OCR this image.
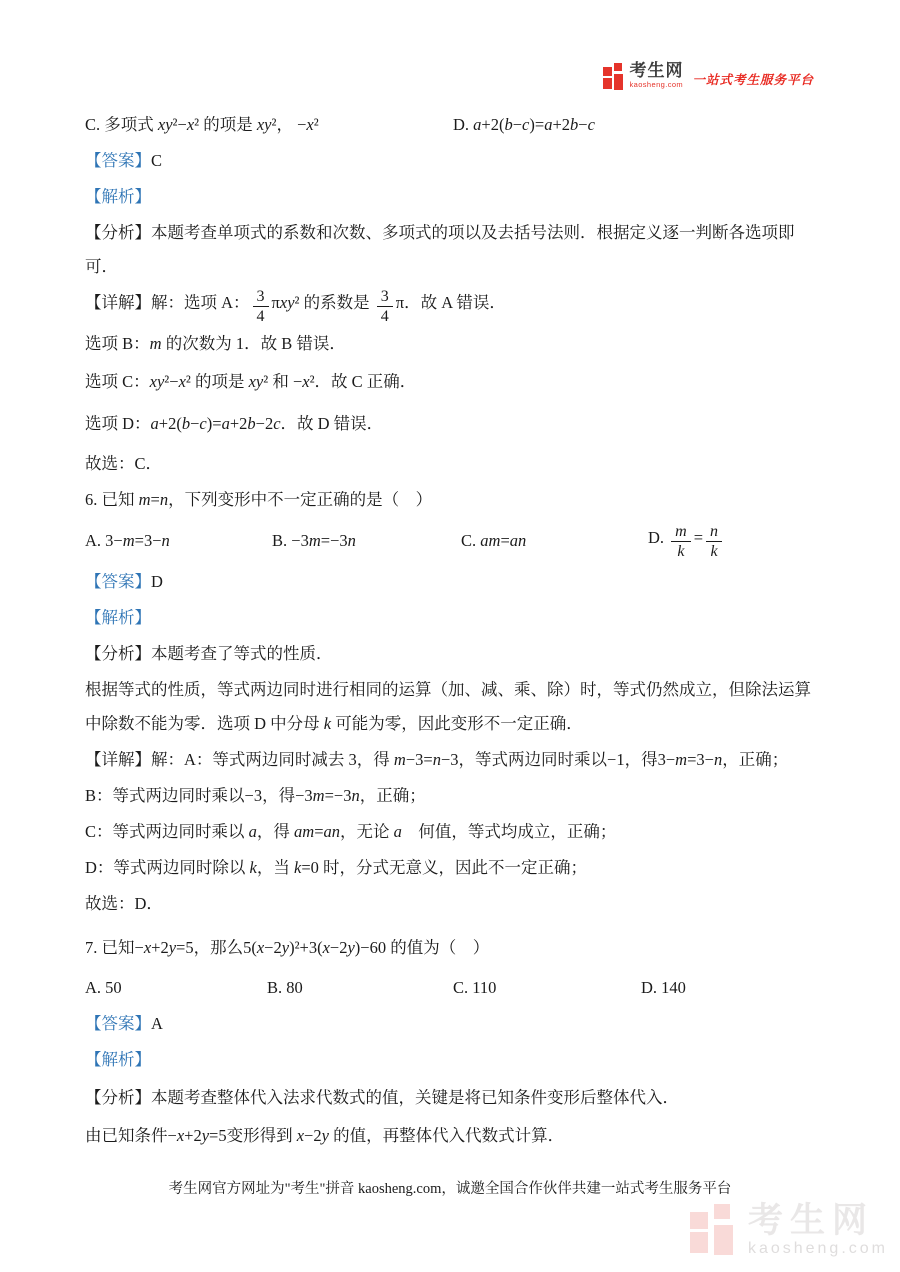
考生网
kaosheng.com 一站式考生服务平台
C. 多项式 xy²−x² 的项是 xy²， −x²	D. a+2(b−c)=a+2b−c
【答案】C
【解析】
【分析】本题考查单项式的系数和次数、多项式的项以及去括号法则．根据定义逐一判断各选项即可．
【详解】解：选项 A： $\frac{3}{4} \pi xy^2$ 的系数是 $\frac{3}{4}$ π．故 A 错误．
选项 B：m 的次数为 1．故 B 错误．
选项 C：xy²−x² 的项是 xy² 和 −x²．故 C 正确．
选项 D：a+2(b−c)=a+2b−2c．故 D 错误．
故选：C．
6. 已知 m=n，下列变形中不一定正确的是（　）
A. 3−m=3−n	B. −3m=−3n	C. am=an	D. $\frac{m}{k} = \frac{n}{k}$
【答案】D
【解析】
【分析】本题考查了等式的性质．
根据等式的性质，等式两边同时进行相同的运算（加、减、乘、除）时，等式仍然成立，但除法运算中除数不能为零．选项 D 中分母 k 可能为零，因此变形不一定正确．
【详解】解：A：等式两边同时减去 3，得 m−3=n−3，等式两边同时乘以−1，得3−m=3−n，正确；
B：等式两边同时乘以−3，得−3m=−3n，正确；
C：等式两边同时乘以 a，得 am=an，无论 a　何值，等式均成立，正确；
D：等式两边同时除以 k，当 k=0 时，分式无意义，因此不一定正确；
故选：D．
7. 已知−x+2y=5，那么5(x−2y)²+3(x−2y)−60 的值为（　）
A. 50	B. 80	C. 110	D. 140
【答案】A
【解析】
【分析】本题考查整体代入法求代数式的值，关键是将已知条件变形后整体代入．
由已知条件−x+2y=5变形得到 x−2y 的值，再整体代入代数式计算．
考生网官方网址为"考生"拼音 kaosheng.com，诚邀全国合作伙伴共建一站式考生服务平台
考生网
kaosheng.com
